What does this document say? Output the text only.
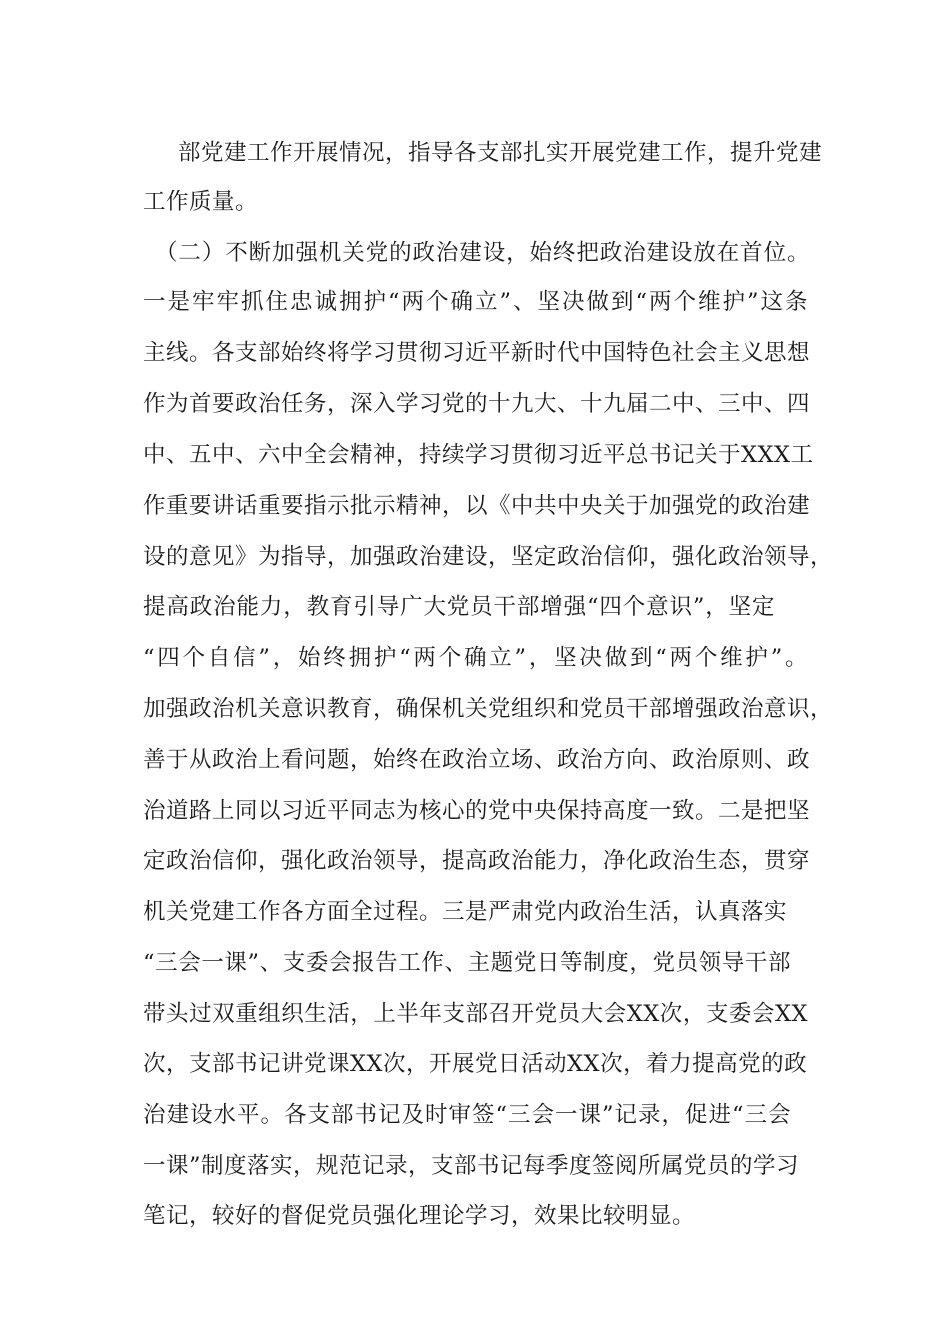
部党建工作开展情况，指导各支部扎实开展党建工作，提升党建
工作质量。
（二）不断加强机关党的政治建设，始终把政治建设放在首位。
一是牢牢抓住忠诚拥护“两个确立”、坚决做到“两个维护”这条
主线。各支部始终将学习贯彻习近平新时代中国特色社会主义思想
作为首要政治任务，深入学习党的十九大、十九届二中、三中、四
中、五中、六中全会精神，持续学习贯彻习近平总书记关于XXX工
作重要讲话重要指示批示精神，以《中共中央关于加强党的政治建
设的意见》为指导，加强政治建设，坚定政治信仰，强化政治领导，
提高政治能力，教育引导广大党员干部增强“四个意识”，坚定
“四个自信”，始终拥护“两个确立”，坚决做到“两个维护”。
加强政治机关意识教育，确保机关党组织和党员干部增强政治意识，
善于从政治上看问题，始终在政治立场、政治方向、政治原则、政
治道路上同以习近平同志为核心的党中央保持高度一致。二是把坚
定政治信仰，强化政治领导，提高政治能力，净化政治生态，贯穿
机关党建工作各方面全过程。三是严肃党内政治生活，认真落实
“三会一课”、支委会报告工作、主题党日等制度，党员领导干部
带头过双重组织生活，上半年支部召开党员大会XX次，支委会XX
次，支部书记讲党课XX次，开展党日活动XX次，着力提高党的政
治建设水平。各支部书记及时审签“三会一课”记录，促进“三会
一课”制度落实，规范记录，支部书记每季度签阅所属党员的学习
笔记，较好的督促党员强化理论学习，效果比较明显。
